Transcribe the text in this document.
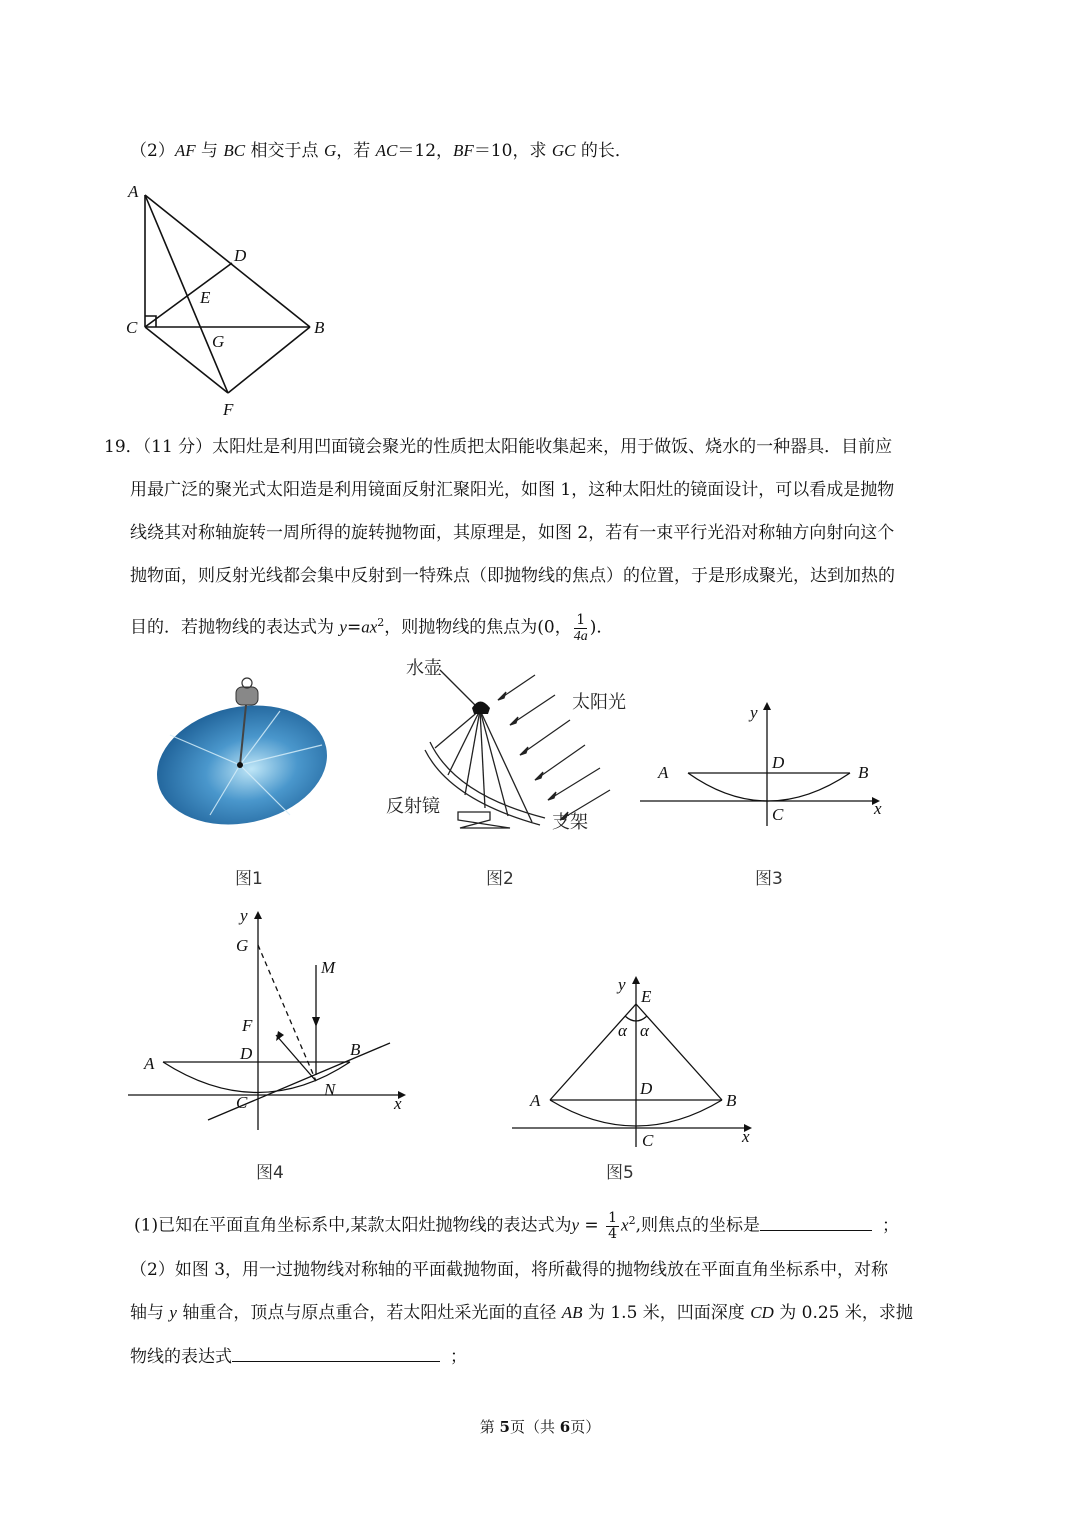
（2）AF 与 BC 相交于点 G，若 AC＝12，BF＝10，求 GC 的长．
A
D
E
C
G
B
F
19．（11 分）太阳灶是利用凹面镜会聚光的性质把太阳能收集起来，用于做饭、烧水的一种器具．目前应
用最广泛的聚光式太阳造是利用镜面反射汇聚阳光，如图 1，这种太阳灶的镜面设计，可以看成是抛物
线绕其对称轴旋转一周所得的旋转抛物面，其原理是，如图 2，若有一束平行光沿对称轴方向射向这个
抛物面，则反射光线都会集中反射到一特殊点（即抛物线的焦点）的位置，于是形成聚光，达到加热的
目的．若抛物线的表达式为 $y=ax^2$，则抛物线的焦点为(0， $\frac{1}{4a}$ )．
水壶
太阳光
反射镜
支架
y
A
D
B
C	x
图1	图2	图3
y
G
M
F
D	B
A
C
N
x
y
E
α α
A
D
B
C	x
图4	图5
(1)已知在平面直角坐标系中,某款太阳灶抛物线的表达式为$y = \frac{1}{4} x^2$,则焦点的坐标是	；
（2）如图 3，用一过抛物线对称轴的平面截抛物面，将所截得的抛物线放在平面直角坐标系中，对称
轴与 y 轴重合，顶点与原点重合，若太阳灶采光面的直径 AB 为 1.5 米，凹面深度 CD 为 0.25 米，求抛
物线的表达式	；
第 5页（共 6页）
